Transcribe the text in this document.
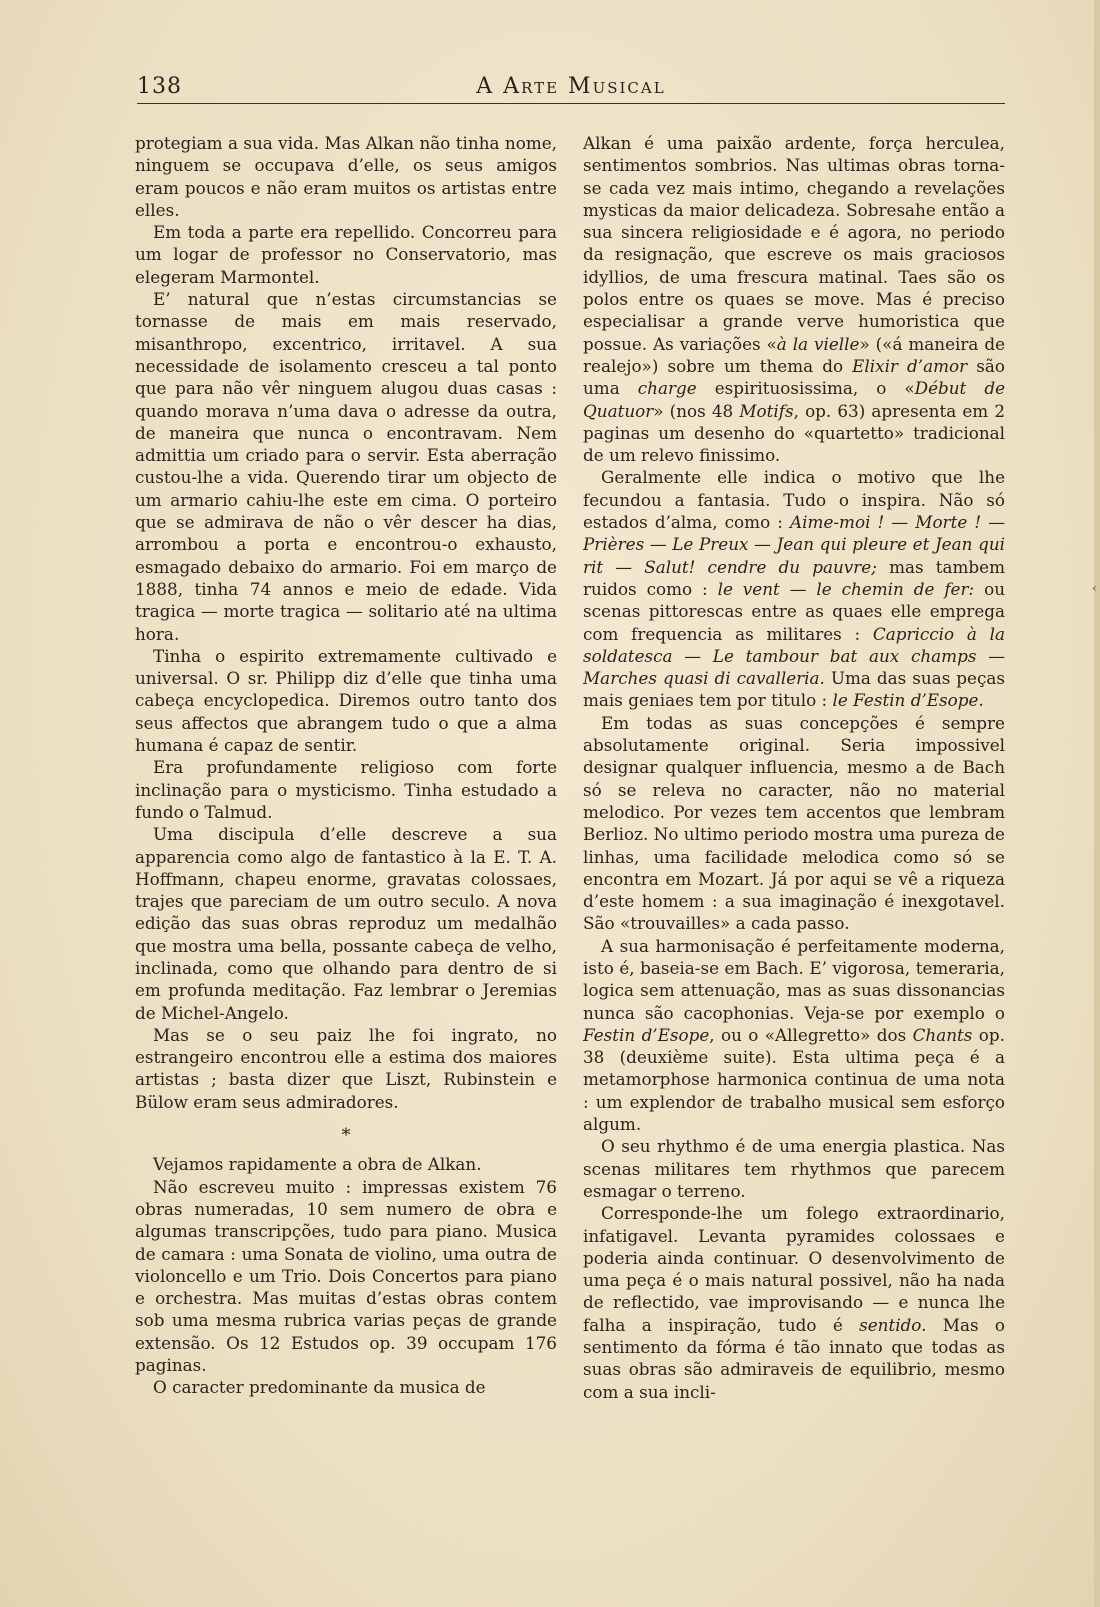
138	A Arte Musical

protegiam a sua vida. Mas Alkan não tinha nome, ninguem se occupava d’elle, os seus amigos eram poucos e não eram muitos os artistas entre elles.

Em toda a parte era repellido. Concorreu para um logar de professor no Conservatorio, mas elegeram Marmontel.

E’ natural que n’estas circumstancias se tornasse de mais em mais reservado, misanthropo, excentrico, irritavel. A sua necessidade de isolamento cresceu a tal ponto que para não vêr ninguem alugou duas casas : quando morava n’uma dava o adresse da outra, de maneira que nunca o encontravam. Nem admittia um criado para o servir. Esta aberração custou-lhe a vida. Querendo tirar um objecto de um armario cahiu-lhe este em cima. O porteiro que se admirava de não o vêr descer ha dias, arrombou a porta e encontrou-o exhausto, esmagado debaixo do armario. Foi em março de 1888, tinha 74 annos e meio de edade. Vida tragica — morte tragica — solitario até na ultima hora.

Tinha o espirito extremamente cultivado e universal. O sr. Philipp diz d’elle que tinha uma cabeça encyclopedica. Diremos outro tanto dos seus affectos que abrangem tudo o que a alma humana é capaz de sentir.

Era profundamente religioso com forte inclinação para o mysticismo. Tinha estudado a fundo o Talmud.

Uma discipula d’elle descreve a sua apparencia como algo de fantastico à la E. T. A. Hoffmann, chapeu enorme, gravatas colossaes, trajes que pareciam de um outro seculo. A nova edição das suas obras reproduz um medalhão que mostra uma bella, possante cabeça de velho, inclinada, como que olhando para dentro de si em profunda meditação. Faz lembrar o Jeremias de Michel-Angelo.

Mas se o seu paiz lhe foi ingrato, no estrangeiro encontrou elle a estima dos maiores artistas ; basta dizer que Liszt, Rubinstein e Bülow eram seus admiradores.

*

Vejamos rapidamente a obra de Alkan.

Não escreveu muito : impressas existem 76 obras numeradas, 10 sem numero de obra e algumas transcripções, tudo para piano. Musica de camara : uma Sonata de violino, uma outra de violoncello e um Trio. Dois Concertos para piano e orchestra. Mas muitas d’estas obras contem sob uma mesma rubrica varias peças de grande extensão. Os 12 Estudos op. 39 occupam 176 paginas.

O caracter predominante da musica de

Alkan é uma paixão ardente, força herculea, sentimentos sombrios. Nas ultimas obras torna-se cada vez mais intimo, chegando a revelações mysticas da maior delicadeza. Sobresahe então a sua sincera religiosidade e é agora, no periodo da resignação, que escreve os mais graciosos idyllios, de uma frescura matinal. Taes são os polos entre os quaes se move. Mas é preciso especialisar a grande verve humoristica que possue. As variações «à la vielle» («á maneira de realejo») sobre um thema do Elixir d’amor são uma charge espirituosissima, o «Début de Quatuor» (nos 48 Motifs, op. 63) apresenta em 2 paginas um desenho do «quartetto» tradicional de um relevo finissimo.

Geralmente elle indica o motivo que lhe fecundou a fantasia. Tudo o inspira. Não só estados d’alma, como : Aime-moi ! — Morte ! — Prières — Le Preux — Jean qui pleure et Jean qui rit — Salut! cendre du pauvre; mas tambem ruidos como : le vent — le chemin de fer: ou scenas pittorescas entre as quaes elle emprega com frequencia as militares : Capriccio à la soldatesca — Le tambour bat aux champs — Marches quasi di cavalleria. Uma das suas peças mais geniaes tem por titulo : le Festin d’Esope.

Em todas as suas concepções é sempre absolutamente original. Seria impossivel designar qualquer influencia, mesmo a de Bach só se releva no caracter, não no material melodico. Por vezes tem accentos que lembram Berlioz. No ultimo periodo mostra uma pureza de linhas, uma facilidade melodica como só se encontra em Mozart. Já por aqui se vê a riqueza d’este homem : a sua imaginação é inexgotavel. São «trouvailles» a cada passo.

A sua harmonisação é perfeitamente moderna, isto é, baseia-se em Bach. E’ vigorosa, temeraria, logica sem attenuação, mas as suas dissonancias nunca são cacophonias. Veja-se por exemplo o Festin d’Esope, ou o «Allegretto» dos Chants op. 38 (deuxième suite). Esta ultima peça é a metamorphose harmonica continua de uma nota : um explendor de trabalho musical sem esforço algum.

O seu rhythmo é de uma energia plastica. Nas scenas militares tem rhythmos que parecem esmagar o terreno.

Corresponde-lhe um folego extraordinario, infatigavel. Levanta pyramides colossaes e poderia ainda continuar. O desenvolvimento de uma peça é o mais natural possivel, não ha nada de reflectido, vae improvisando — e nunca lhe falha a inspiração, tudo é sentido. Mas o sentimento da fórma é tão innato que todas as suas obras são admiraveis de equilibrio, mesmo com a sua incli-

‹
